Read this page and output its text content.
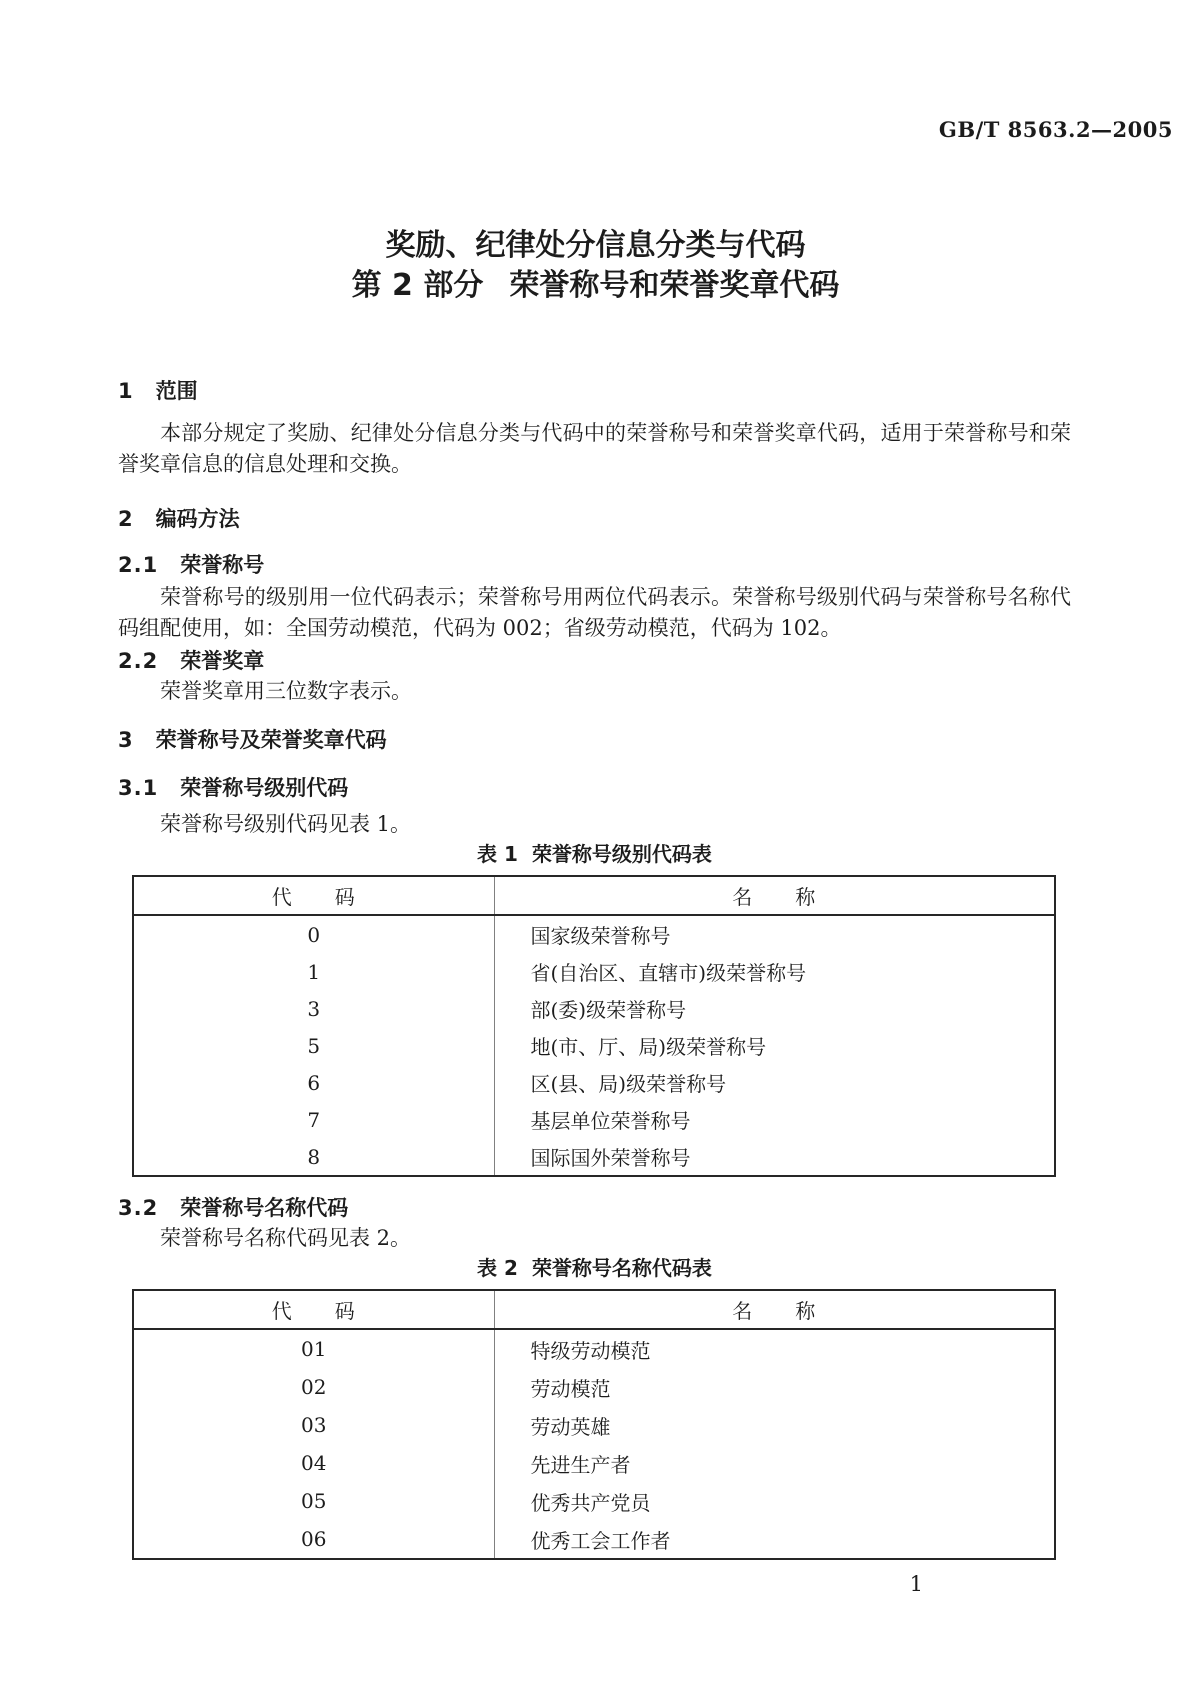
GB/T 8563.2—2005
奖励、纪律处分信息分类与代码
第 2 部分 荣誉称号和荣誉奖章代码
1 范围
本部分规定了奖励、纪律处分信息分类与代码中的荣誉称号和荣誉奖章代码，适用于荣誉称号和荣誉奖章信息的信息处理和交换。
2 编码方法
2.1 荣誉称号
荣誉称号的级别用一位代码表示；荣誉称号用两位代码表示。荣誉称号级别代码与荣誉称号名称代码组配使用，如：全国劳动模范，代码为 002；省级劳动模范，代码为 102。
2.2 荣誉奖章
荣誉奖章用三位数字表示。
3 荣誉称号及荣誉奖章代码
3.1 荣誉称号级别代码
荣誉称号级别代码见表 1。
表 1 荣誉称号级别代码表
代　　码	名　　称
0	国家级荣誉称号
1	省(自治区、直辖市)级荣誉称号
3	部(委)级荣誉称号
5	地(市、厅、局)级荣誉称号
6	区(县、局)级荣誉称号
7	基层单位荣誉称号
8	国际国外荣誉称号
3.2 荣誉称号名称代码
荣誉称号名称代码见表 2。
表 2 荣誉称号名称代码表
代　　码	名　　称
01	特级劳动模范
02	劳动模范
03	劳动英雄
04	先进生产者
05	优秀共产党员
06	优秀工会工作者
1
